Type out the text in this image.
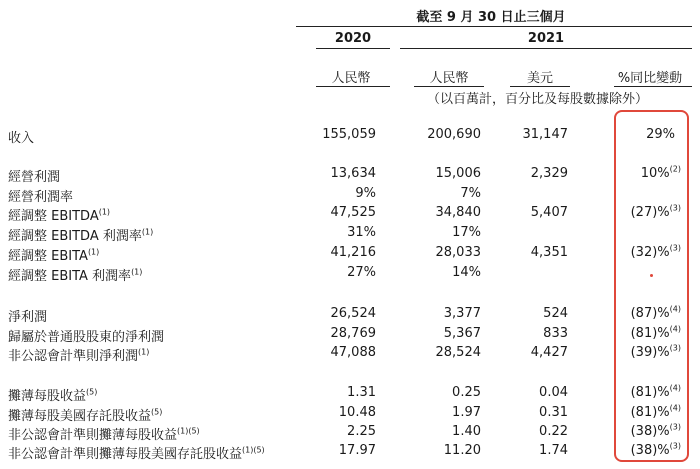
截至 9 月 30 日止三個月
2020	2021
人民幣	人民幣	美元	%同比變動
（以百萬計，百分比及每股數據除外）
收入	155,059	200,690	31,147	29%
經營利潤	13,634	15,006	2,329	10%$^{(2)}$
經營利潤率	9%	7%
經調整 EBITDA$^{(1)}$	47,525	34,840	5,407	(27)%$^{(3)}$
經調整 EBITDA 利潤率$^{(1)}$	31%	17%
經調整 EBITA$^{(1)}$	41,216	28,033	4,351	(32)%$^{(3)}$
經調整 EBITA 利潤率$^{(1)}$	27%	14%
淨利潤	26,524	3,377	524	(87)%$^{(4)}$
歸屬於普通股股東的淨利潤	28,769	5,367	833	(81)%$^{(4)}$
非公認會計準則淨利潤$^{(1)}$	47,088	28,524	4,427	(39)%$^{(3)}$
攤薄每股收益$^{(5)}$	1.31	0.25	0.04	(81)%$^{(4)}$
攤薄每股美國存託股收益$^{(5)}$	10.48	1.97	0.31	(81)%$^{(4)}$
非公認會計準則攤薄每股收益$^{(1)(5)}$	2.25	1.40	0.22	(38)%$^{(3)}$
非公認會計準則攤薄每股美國存託股收益$^{(1)(5)}$	17.97	11.20	1.74	(38)%$^{(3)}$
